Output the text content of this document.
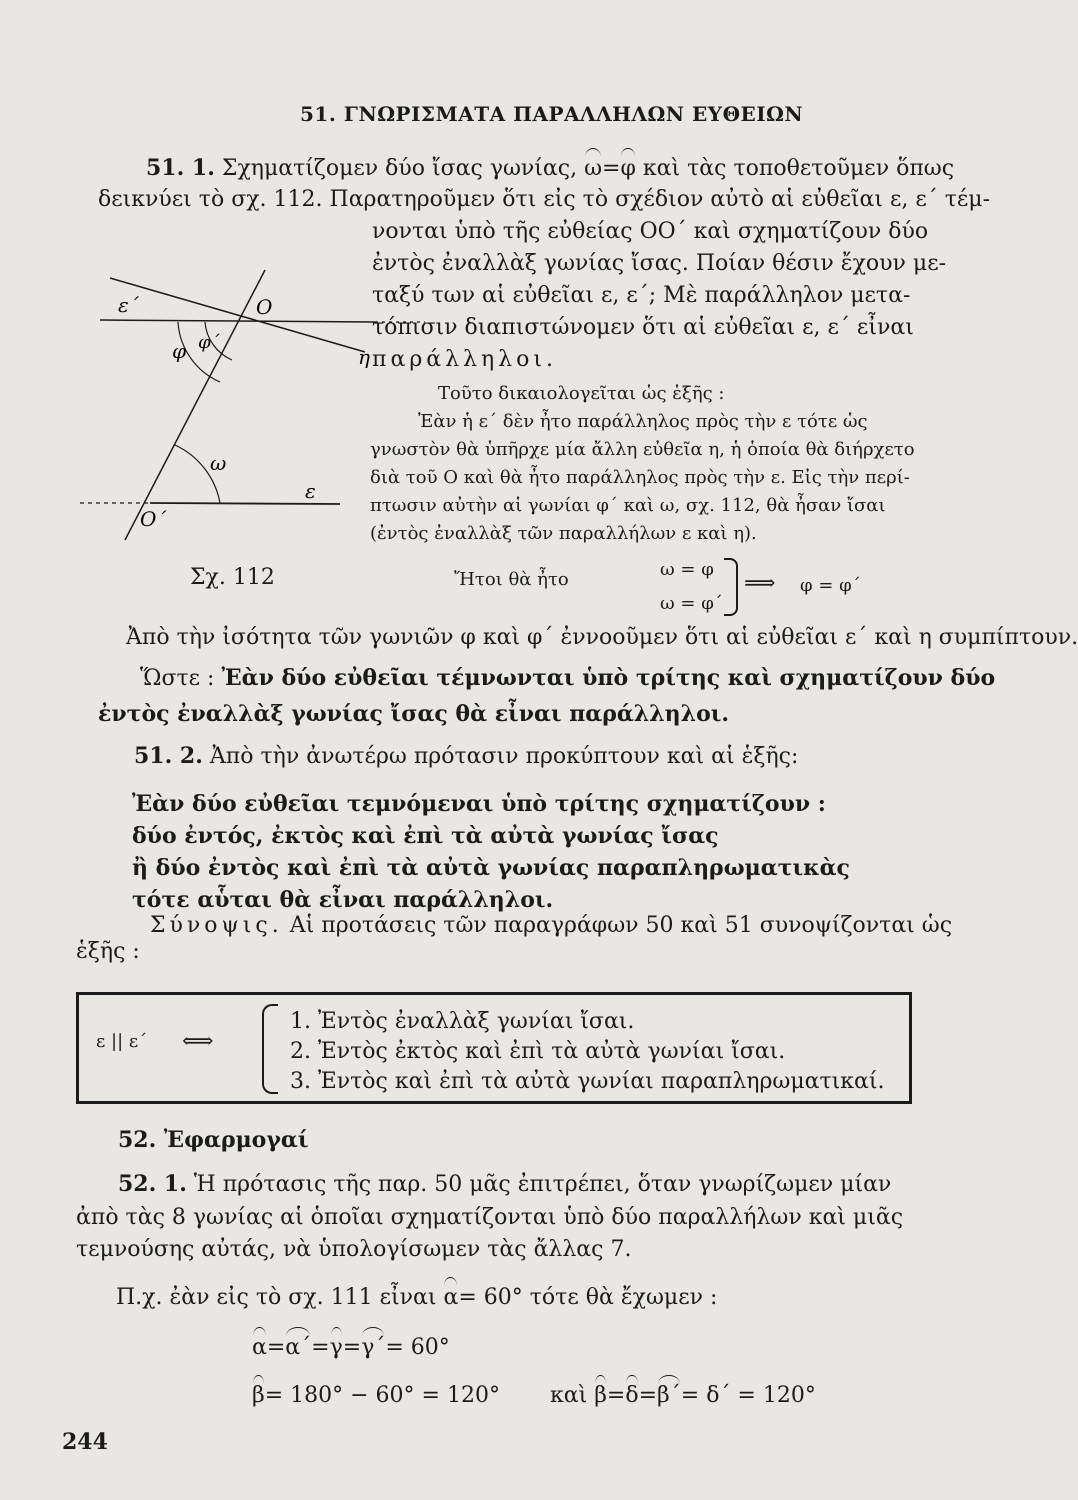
51. ΓΝΩΡΙΣΜΑΤΑ ΠΑΡΑΛΛΗΛΩΝ ΕΥΘΕΙΩΝ
51. 1. Σχηματίζομεν δύο ἴσας γωνίας, ω=φ καὶ τὰς τοποθετοῦμεν ὅπως
δεικνύει τὸ σχ. 112. Παρατηροῦμεν ὅτι εἰς τὸ σχέδιον αὐτὸ αἱ εὐθεῖαι ε, ε΄ τέμ-
νονται ὑπὸ τῆς εὐθείας ΟΟ΄ καὶ σχηματίζουν δύο
ἐντὸς ἐναλλὰξ γωνίας ἴσας. Ποίαν θέσιν ἔχουν με-
ταξύ των αἱ εὐθεῖαι ε, ε΄; Μὲ παράλληλον μετα-
τόπισιν διαπιστώνομεν ὅτι αἱ εὐθεῖαι ε, ε΄ εἶναι
παράλληλοι.
ε΄	O
φ φ΄
η
ω
ε
O΄
Σχ. 112
Τοῦτο δικαιολογεῖται ὡς ἑξῆς :
Ἐὰν ἡ ε΄ δὲν ἦτο παράλληλος πρὸς τὴν ε τότε ὡς
γνωστὸν θὰ ὑπῆρχε μία ἄλλη εὐθεῖα η, ἡ ὁποία θὰ διήρχετο
διὰ τοῦ Ο καὶ θὰ ἦτο παράλληλος πρὸς τὴν ε. Εἰς τὴν περί-
πτωσιν αὐτὴν αἱ γωνίαι φ΄ καὶ ω, σχ. 112, θὰ ἦσαν ἴσαι
(ἐντὸς ἐναλλὰξ τῶν παραλλήλων ε καὶ η).
Ἤτοι θὰ ἦτο	ω = φ
ω = φ΄
⟹ φ = φ΄
Ἀπὸ τὴν ἰσότητα τῶν γωνιῶν φ καὶ φ΄ ἐννοοῦμεν ὅτι αἱ εὐθεῖαι ε΄ καὶ η συμπίπτουν.
Ὥστε : Ἐὰν δύο εὐθεῖαι τέμνωνται ὑπὸ τρίτης καὶ σχηματίζουν δύο
ἐντὸς ἐναλλὰξ γωνίας ἴσας θὰ εἶναι παράλληλοι.
51. 2. Ἀπὸ τὴν ἀνωτέρω πρότασιν προκύπτουν καὶ αἱ ἑξῆς:
Ἐὰν δύο εὐθεῖαι τεμνόμεναι ὑπὸ τρίτης σχηματίζουν :
δύο ἐντός, ἐκτὸς καὶ ἐπὶ τὰ αὐτὰ γωνίας ἴσας
ἢ δύο ἐντὸς καὶ ἐπὶ τὰ αὐτὰ γωνίας παραπληρωματικὰς
τότε αὗται θὰ εἶναι παράλληλοι.
Σύνοψις. Αἱ προτάσεις τῶν παραγράφων 50 καὶ 51 συνοψίζονται ὡς
ἑξῆς :
ε || ε΄ ⟺
1. Ἐντὸς ἐναλλὰξ γωνίαι ἴσαι.
2. Ἐντὸς ἐκτὸς καὶ ἐπὶ τὰ αὐτὰ γωνίαι ἴσαι.
3. Ἐντὸς καὶ ἐπὶ τὰ αὐτὰ γωνίαι παραπληρωματικαί.
52. Ἐφαρμογαί
52. 1. Ἡ πρότασις τῆς παρ. 50 μᾶς ἐπιτρέπει, ὅταν γνωρίζωμεν μίαν
ἀπὸ τὰς 8 γωνίας αἱ ὁποῖαι σχηματίζονται ὑπὸ δύο παραλλήλων καὶ μιᾶς
τεμνούσης αὐτάς, νὰ ὑπολογίσωμεν τὰς ἄλλας 7.
Π.χ. ἐὰν εἰς τὸ σχ. 111 εἶναι α= 60° τότε θὰ ἔχωμεν :
α=α΄=γ=γ΄= 60°
β= 180° − 60° = 120° καὶ β=δ=β΄= δ΄ = 120°
244
